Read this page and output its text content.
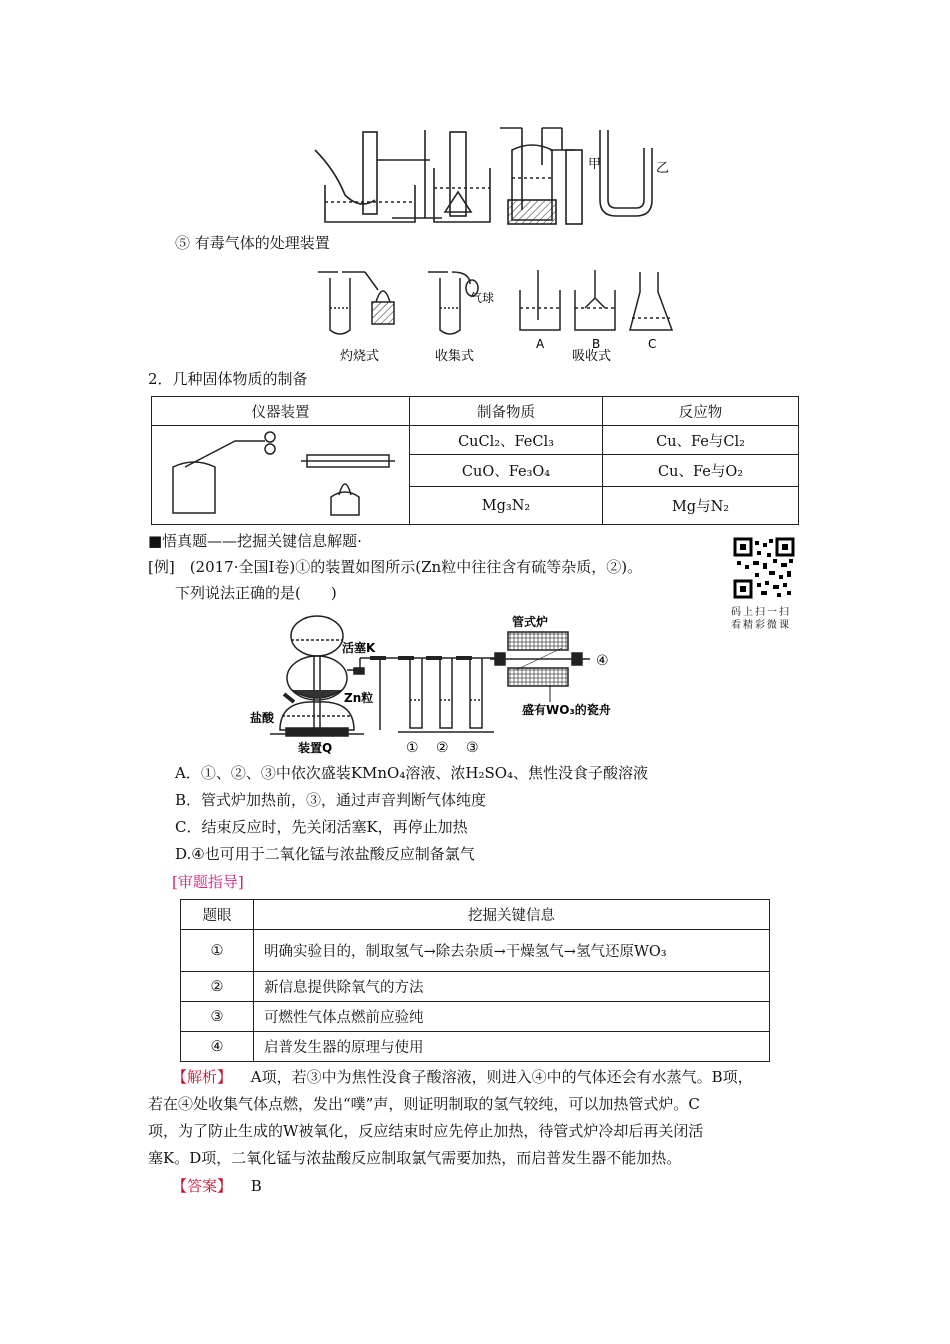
甲	乙
⑤ 有毒气体的处理装置
气球
灼烧式	收集式
A	B	C
吸收式
2．几种固体物质的制备
仪器装置	制备物质	反应物
	CuCl₂、FeCl₃	Cu、Fe与Cl₂
	CuO、Fe₃O₄	Cu、Fe与O₂
	Mg₃N₂	Mg与N₂
■悟真题——挖掘关键信息解题·
[例]　(2017·全国Ⅰ卷)①的装置如图所示(Zn粒中往往含有硫等杂质，②)。
下列说法正确的是(　　)
码上扫一扫
看精彩微课
活塞K
Zn粒
盐酸
装置Q
管式炉
盛有WO₃的瓷舟
① ② ③
④
A．①、②、③中依次盛装KMnO₄溶液、浓H₂SO₄、焦性没食子酸溶液
B．管式炉加热前，③，通过声音判断气体纯度
C．结束反应时，先关闭活塞K，再停止加热
D.④也可用于二氧化锰与浓盐酸反应制备氯气
[审题指导]
题眼	挖掘关键信息
①	明确实验目的，制取氢气→除去杂质→干燥氢气→氢气还原WO₃
②	新信息提供除氧气的方法
③	可燃性气体点燃前应验纯
④	启普发生器的原理与使用
【解析】 A项，若③中为焦性没食子酸溶液，则进入④中的气体还会有水蒸气。B项，
若在④处收集气体点燃，发出“噗”声，则证明制取的氢气较纯，可以加热管式炉。C
项，为了防止生成的W被氧化，反应结束时应先停止加热，待管式炉冷却后再关闭活
塞K。D项，二氧化锰与浓盐酸反应制取氯气需要加热，而启普发生器不能加热。
【答案】 B
